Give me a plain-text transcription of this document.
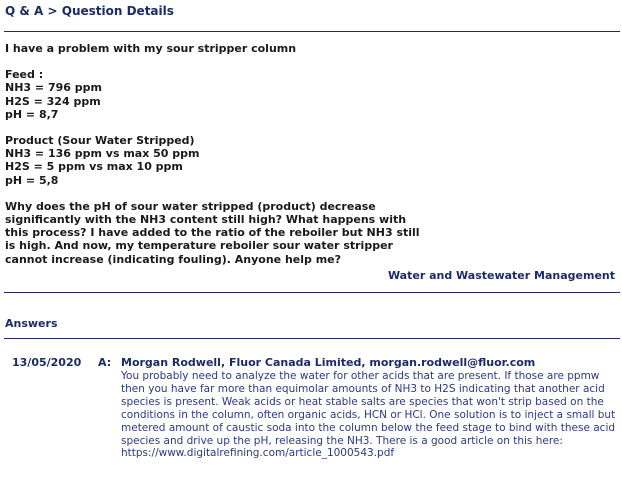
Q & A > Question Details
I have a problem with my sour stripper column
Feed :
NH3 = 796 ppm
H2S = 324 ppm
pH = 8,7
Product (Sour Water Stripped)
NH3 = 136 ppm vs max 50 ppm
H2S = 5 ppm vs max 10 ppm
pH = 5,8
Why does the pH of sour water stripped (product) decrease significantly with the NH3 content still high? What happens with this process? I have added to the ratio of the reboiler but NH3 still is high. And now, my temperature reboiler sour water stripper cannot increase (indicating fouling). Anyone help me?
Water and Wastewater Management
Answers
13/05/2020 A: Morgan Rodwell, Fluor Canada Limited, morgan.rodwell@fluor.com
You probably need to analyze the water for other acids that are present. If those are ppmw then you have far more than equimolar amounts of NH3 to H2S indicating that another acid species is present. Weak acids or heat stable salts are species that won't strip based on the conditions in the column, often organic acids, HCN or HCl. One solution is to inject a small but metered amount of caustic soda into the column below the feed stage to bind with these acid species and drive up the pH, releasing the NH3. There is a good article on this here:
https://www.digitalrefining.com/article_1000543.pdf
